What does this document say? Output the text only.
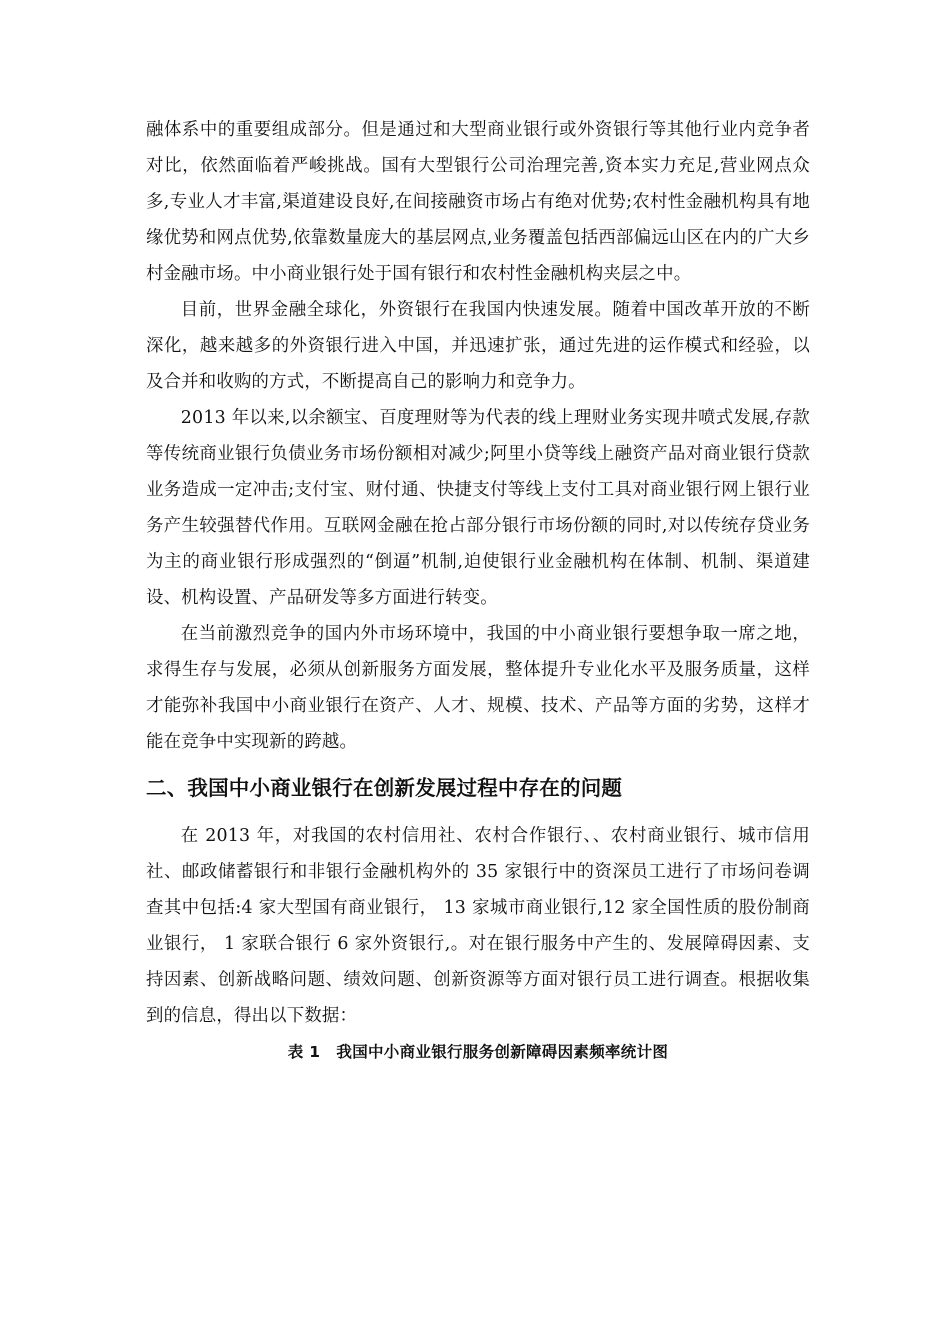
融体系中的重要组成部分。但是通过和大型商业银行或外资银行等其他行业内竞争者对比，依然面临着严峻挑战。国有大型银行公司治理完善,资本实力充足,营业网点众多,专业人才丰富,渠道建设良好,在间接融资市场占有绝对优势;农村性金融机构具有地缘优势和网点优势,依靠数量庞大的基层网点,业务覆盖包括西部偏远山区在内的广大乡村金融市场。中小商业银行处于国有银行和农村性金融机构夹层之中。

目前，世界金融全球化，外资银行在我国内快速发展。随着中国改革开放的不断深化，越来越多的外资银行进入中国，并迅速扩张，通过先进的运作模式和经验，以及合并和收购的方式，不断提高自己的影响力和竞争力。

2013 年以来,以余额宝、百度理财等为代表的线上理财业务实现井喷式发展,存款等传统商业银行负债业务市场份额相对减少;阿里小贷等线上融资产品对商业银行贷款业务造成一定冲击;支付宝、财付通、快捷支付等线上支付工具对商业银行网上银行业务产生较强替代作用。互联网金融在抢占部分银行市场份额的同时,对以传统存贷业务为主的商业银行形成强烈的“倒逼”机制,迫使银行业金融机构在体制、机制、渠道建设、机构设置、产品研发等多方面进行转变。

在当前激烈竞争的国内外市场环境中，我国的中小商业银行要想争取一席之地，求得生存与发展，必须从创新服务方面发展，整体提升专业化水平及服务质量，这样才能弥补我国中小商业银行在资产、人才、规模、技术、产品等方面的劣势，这样才能在竞争中实现新的跨越。

二、我国中小商业银行在创新发展过程中存在的问题

在 2013 年，对我国的农村信用社、农村合作银行、、农村商业银行、城市信用社、邮政储蓄银行和非银行金融机构外的 35 家银行中的资深员工进行了市场问卷调查其中包括:4 家大型国有商业银行， 13 家城市商业银行,12 家全国性质的股份制商业银行， 1 家联合银行 6 家外资银行,。对在银行服务中产生的、发展障碍因素、支持因素、创新战略问题、绩效问题、创新资源等方面对银行员工进行调查。根据收集到的信息，得出以下数据：

表 1 我国中小商业银行服务创新障碍因素频率统计图
